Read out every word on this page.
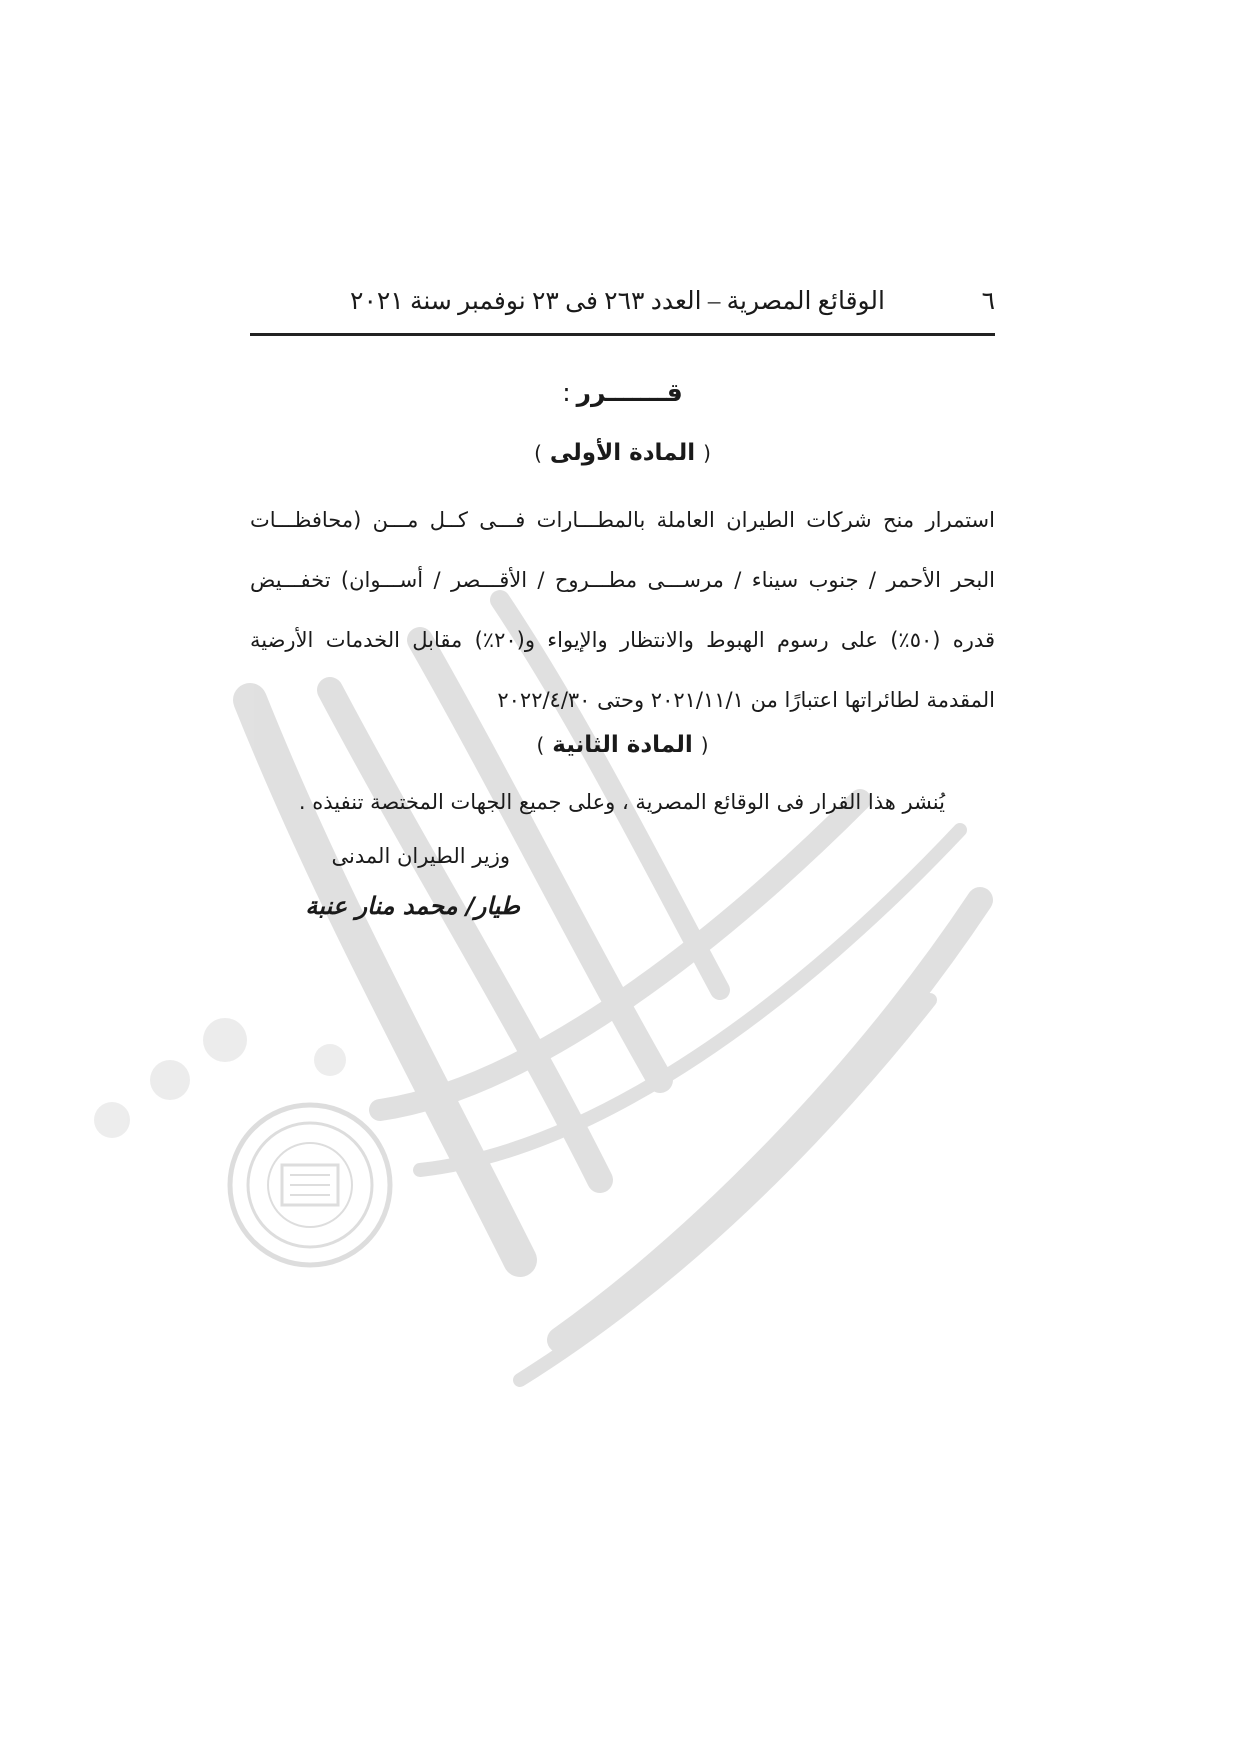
٦
الوقائع المصرية – العدد ٢٦٣ فى ٢٣ نوفمبر سنة ٢٠٢١
قـــــــرر:
(المادة الأولى)

استمرار منح شركات الطيران العاملة بالمطـــارات فـــى كــل مـــن (محافظـــات البحر الأحمر / جنوب سيناء / مرســـى مطـــروح / الأقـــصر / أســـوان) تخفـــيض قدره (٥٠٪) على رسوم الهبوط والانتظار والإيواء و(٢٠٪) مقابل الخدمات الأرضية المقدمة لطائراتها اعتبارًا من ٢٠٢١/١١/١ وحتى ٢٠٢٢/٤/٣٠

(المادة الثانية)

يُنشر هذا القرار فى الوقائع المصرية ، وعلى جميع الجهات المختصة تنفيذه .

وزير الطيران المدنى

طيار/ محمد منار عنبة
